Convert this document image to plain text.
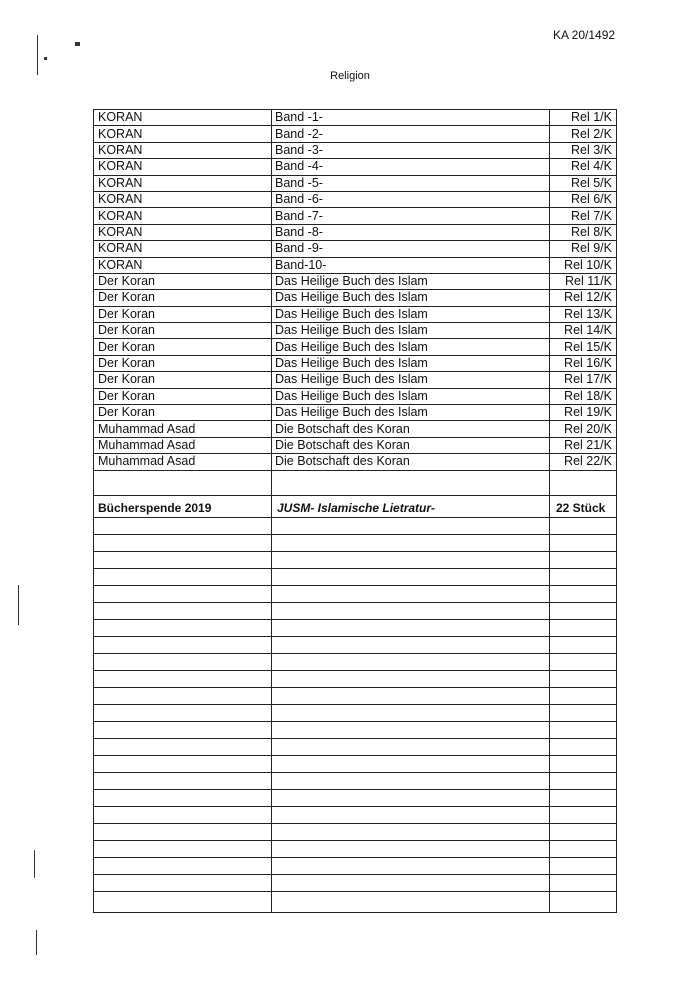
KA 20/1492
Religion
KORAN	Band -1-	Rel 1/K
KORAN	Band -2-	Rel 2/K
KORAN	Band -3-	Rel 3/K
KORAN	Band -4-	Rel 4/K
KORAN	Band -5-	Rel 5/K
KORAN	Band -6-	Rel 6/K
KORAN	Band -7-	Rel 7/K
KORAN	Band -8-	Rel 8/K
KORAN	Band -9-	Rel 9/K
KORAN	Band-10-	Rel 10/K
Der Koran	Das Heilige Buch des Islam	Rel 11/K
Der Koran	Das Heilige Buch des Islam	Rel 12/K
Der Koran	Das Heilige Buch des Islam	Rel 13/K
Der Koran	Das Heilige Buch des Islam	Rel 14/K
Der Koran	Das Heilige Buch des Islam	Rel 15/K
Der Koran	Das Heilige Buch des Islam	Rel 16/K
Der Koran	Das Heilige Buch des Islam	Rel 17/K
Der Koran	Das Heilige Buch des Islam	Rel 18/K
Der Koran	Das Heilige Buch des Islam	Rel 19/K
Muhammad Asad	Die Botschaft des Koran	Rel 20/K
Muhammad Asad	Die Botschaft des Koran	Rel 21/K
Muhammad Asad	Die Botschaft des Koran	Rel 22/K
Bücherspende 2019	JUSM- Islamische Lietratur-	22 Stück
